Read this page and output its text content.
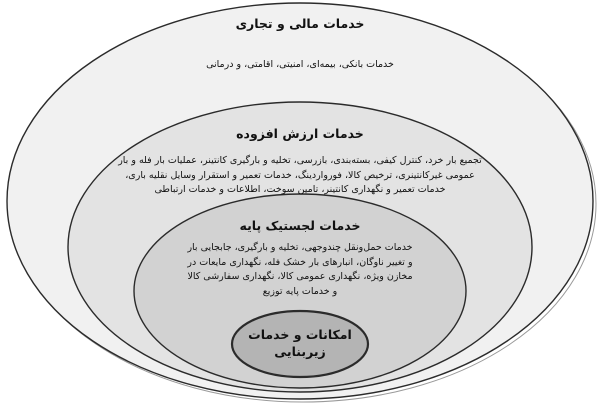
خدمات مالی و تجاری
خدمات بانکی، بیمه‌ای، امنیتی، اقامتی، و درمانی
خدمات ارزش افزوده
تجمیع بار خرد، کنترل کیفی، بسته‌بندی، بازرسی، تخلیه و بارگیری کانتینر، عملیات بار فله و بار عمومی غیرکانتینری، ترخیص کالا، فورواردینگ، خدمات تعمیر و استقرار وسایل نقلیه باری، خدمات تعمیر و نگهداری کانتینر، تامین سوخت، اطلاعات و خدمات ارتباطی
خدمات لجستیک پایه
خدمات حمل‌ونقل چندوجهی، تخلیه و بارگیری، جابجایی بار و تغییر ناوگان، انبارهای بار خشک فله، نگهداری مایعات در مخازن ویژه، نگهداری عمومی کالا، نگهداری سفارشی کالا و خدمات پایه توزیع
امکانات و خدمات زیربنایی
